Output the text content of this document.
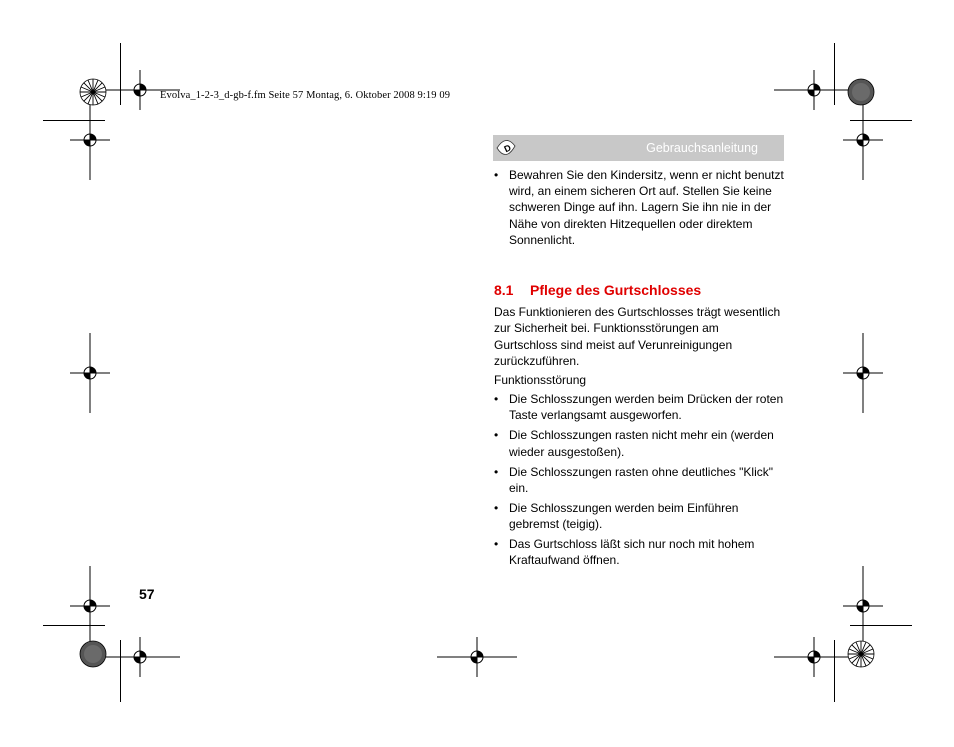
Evolva_1-2-3_d-gb-f.fm Seite 57 Montag, 6. Oktober 2008 9:19 09
D	Gebrauchsanleitung
• Bewahren Sie den Kindersitz, wenn er nicht benutzt wird, an einem sicheren Ort auf. Stellen Sie keine schweren Dinge auf ihn. Lagern Sie ihn nie in der Nähe von direkten Hitzequellen oder direktem Sonnenlicht.
8.1 Pflege des Gurtschlosses

Das Funktionieren des Gurtschlosses trägt wesentlich zur Sicherheit bei. Funktionsstörungen am Gurtschloss sind meist auf Verunreinigungen zurückzuführen.

Funktionsstörung

• Die Schlosszungen werden beim Drücken der roten Taste verlangsamt ausgeworfen.
• Die Schlosszungen rasten nicht mehr ein (werden wieder ausgestoßen).
• Die Schlosszungen rasten ohne deutliches "Klick" ein.
• Die Schlosszungen werden beim Einführen gebremst (teigig).
• Das Gurtschloss läßt sich nur noch mit hohem Kraftaufwand öffnen.
57
